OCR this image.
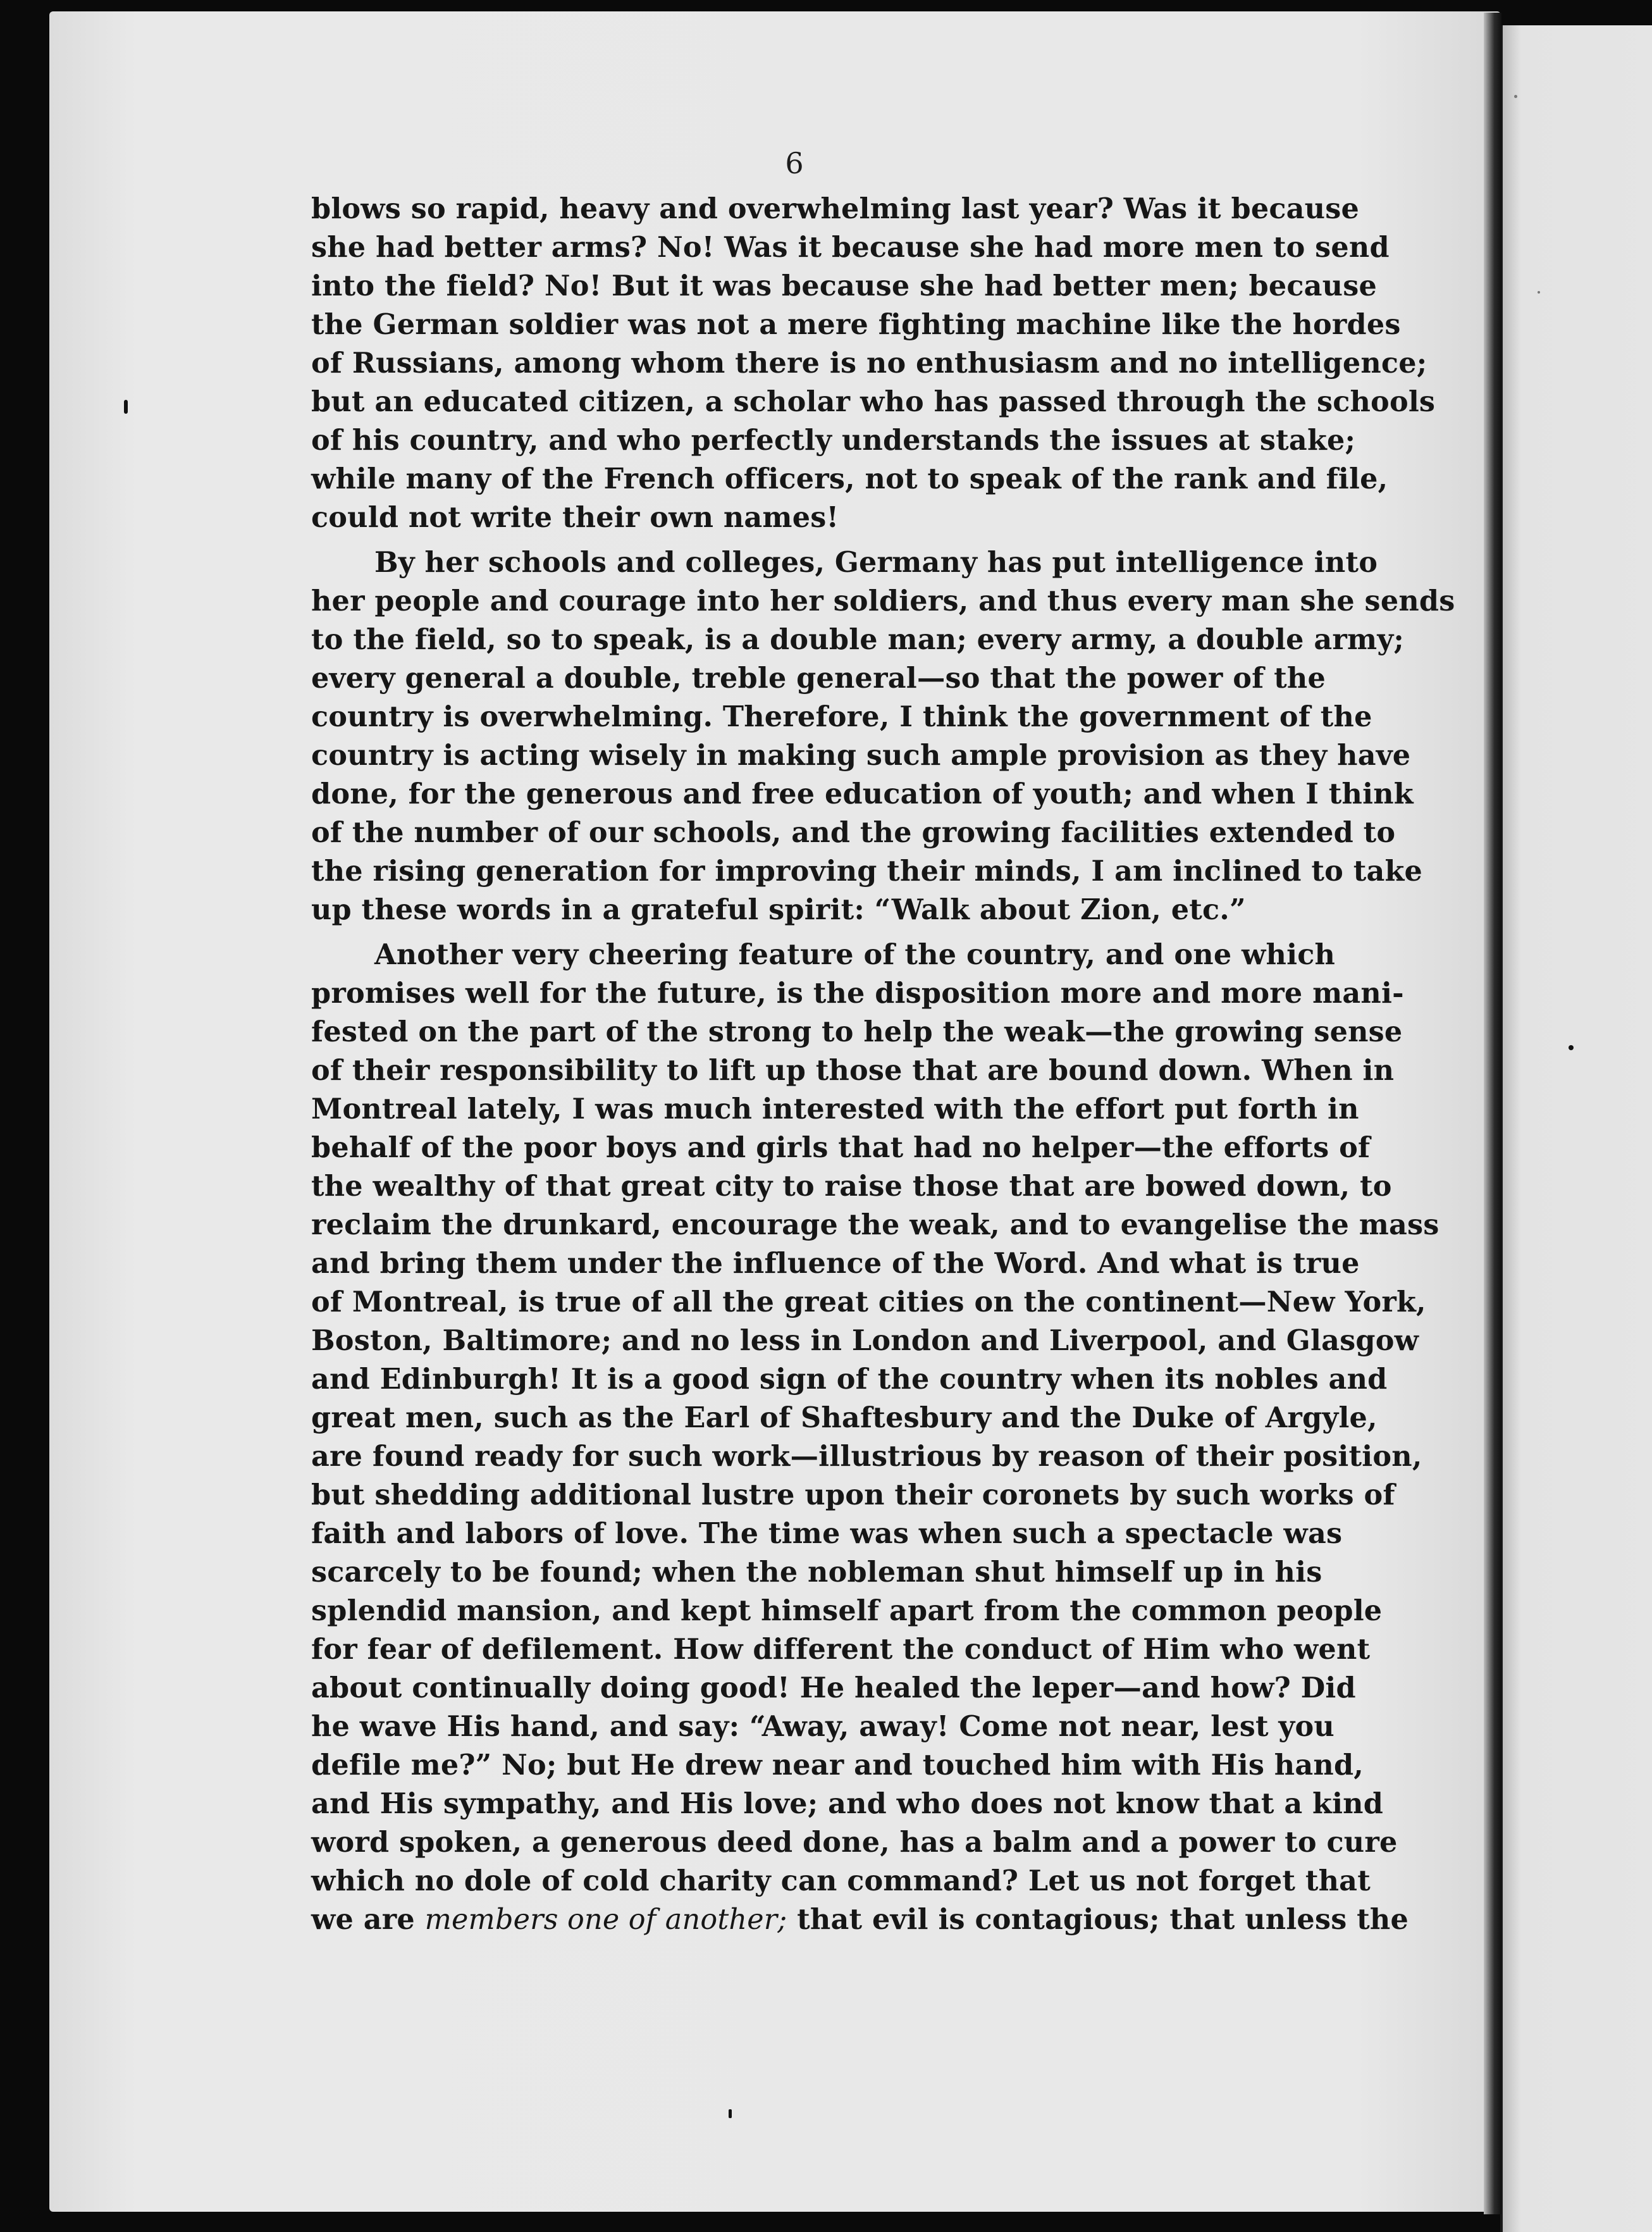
6
blows so rapid, heavy and overwhelming last year? Was it because
she had better arms? No! Was it because she had more men to send
into the field? No! But it was because she had better men; because
the German soldier was not a mere fighting machine like the hordes
of Russians, among whom there is no enthusiasm and no intelligence;
but an educated citizen, a scholar who has passed through the schools
of his country, and who perfectly understands the issues at stake;
while many of the French officers, not to speak of the rank and file,
could not write their own names!
By her schools and colleges, Germany has put intelligence into
her people and courage into her soldiers, and thus every man she sends
to the field, so to speak, is a double man; every army, a double army;
every general a double, treble general—so that the power of the
country is overwhelming. Therefore, I think the government of the
country is acting wisely in making such ample provision as they have
done, for the generous and free education of youth; and when I think
of the number of our schools, and the growing facilities extended to
the rising generation for improving their minds, I am inclined to take
up these words in a grateful spirit: “Walk about Zion, etc.”
Another very cheering feature of the country, and one which
promises well for the future, is the disposition more and more mani-
fested on the part of the strong to help the weak—the growing sense
of their responsibility to lift up those that are bound down. When in
Montreal lately, I was much interested with the effort put forth in
behalf of the poor boys and girls that had no helper—the efforts of
the wealthy of that great city to raise those that are bowed down, to
reclaim the drunkard, encourage the weak, and to evangelise the mass
and bring them under the influence of the Word. And what is true
of Montreal, is true of all the great cities on the continent—New York,
Boston, Baltimore; and no less in London and Liverpool, and Glasgow
and Edinburgh! It is a good sign of the country when its nobles and
great men, such as the Earl of Shaftesbury and the Duke of Argyle,
are found ready for such work—illustrious by reason of their position,
but shedding additional lustre upon their coronets by such works of
faith and labors of love. The time was when such a spectacle was
scarcely to be found; when the nobleman shut himself up in his
splendid mansion, and kept himself apart from the common people
for fear of defilement. How different the conduct of Him who went
about continually doing good! He healed the leper—and how? Did
he wave His hand, and say: “Away, away! Come not near, lest you
defile me?” No; but He drew near and touched him with His hand,
and His sympathy, and His love; and who does not know that a kind
word spoken, a generous deed done, has a balm and a power to cure
which no dole of cold charity can command? Let us not forget that
we are members one of another; that evil is contagious; that unless the
